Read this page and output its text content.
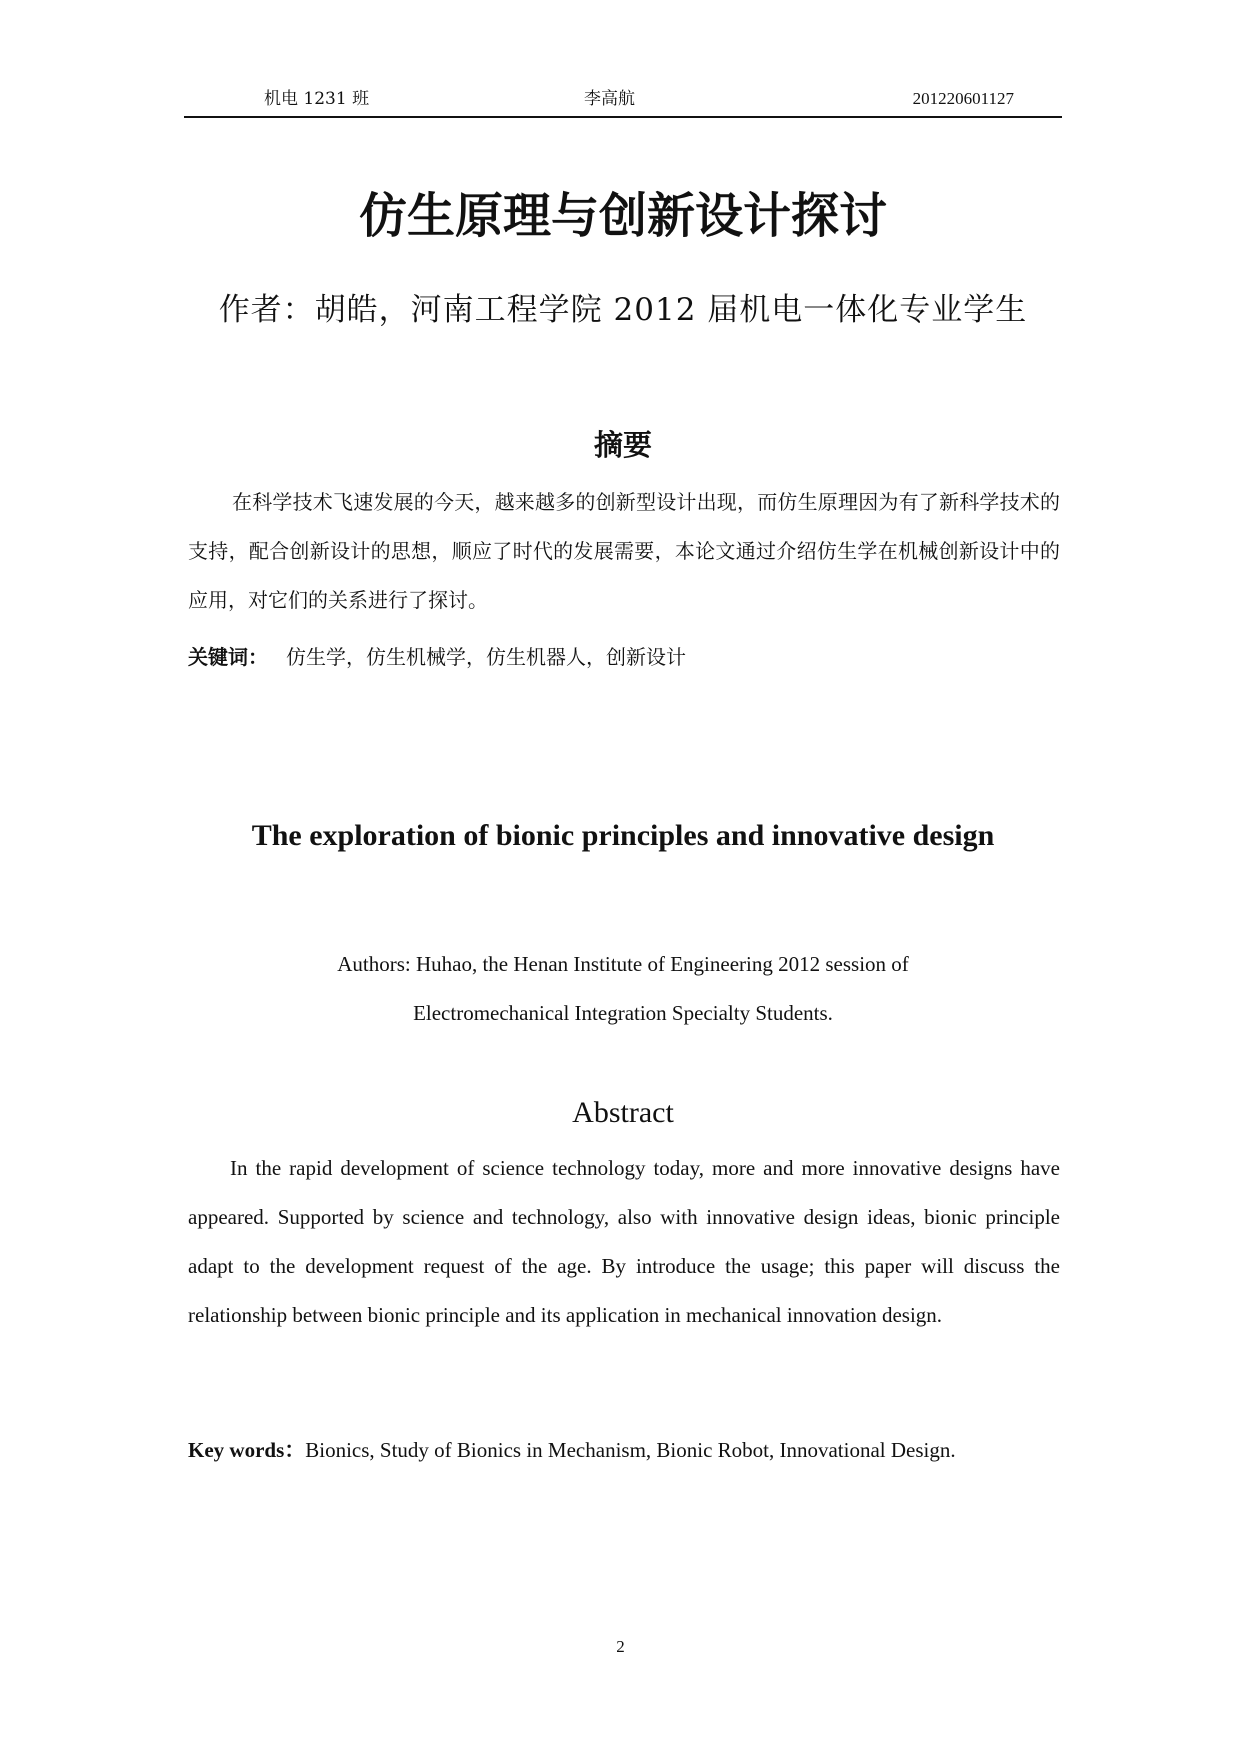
机电 1231 班	李高航	201220601127
仿生原理与创新设计探讨
作者：胡皓，河南工程学院 2012 届机电一体化专业学生
摘要
在科学技术飞速发展的今天，越来越多的创新型设计出现，而仿生原理因为有了新科学技术的支持，配合创新设计的思想，顺应了时代的发展需要，本论文通过介绍仿生学在机械创新设计中的应用，对它们的关系进行了探讨。
关键词： 仿生学，仿生机械学，仿生机器人，创新设计
The exploration of bionic principles and innovative design
Authors: Huhao, the Henan Institute of Engineering 2012 session of
Electromechanical Integration Specialty Students.
Abstract
In the rapid development of science technology today, more and more innovative designs have appeared. Supported by science and technology, also with innovative design ideas, bionic principle adapt to the development request of the age. By introduce the usage; this paper will discuss the relationship between bionic principle and its application in mechanical innovation design.
Key words：Bionics, Study of Bionics in Mechanism, Bionic Robot, Innovational Design.
2
